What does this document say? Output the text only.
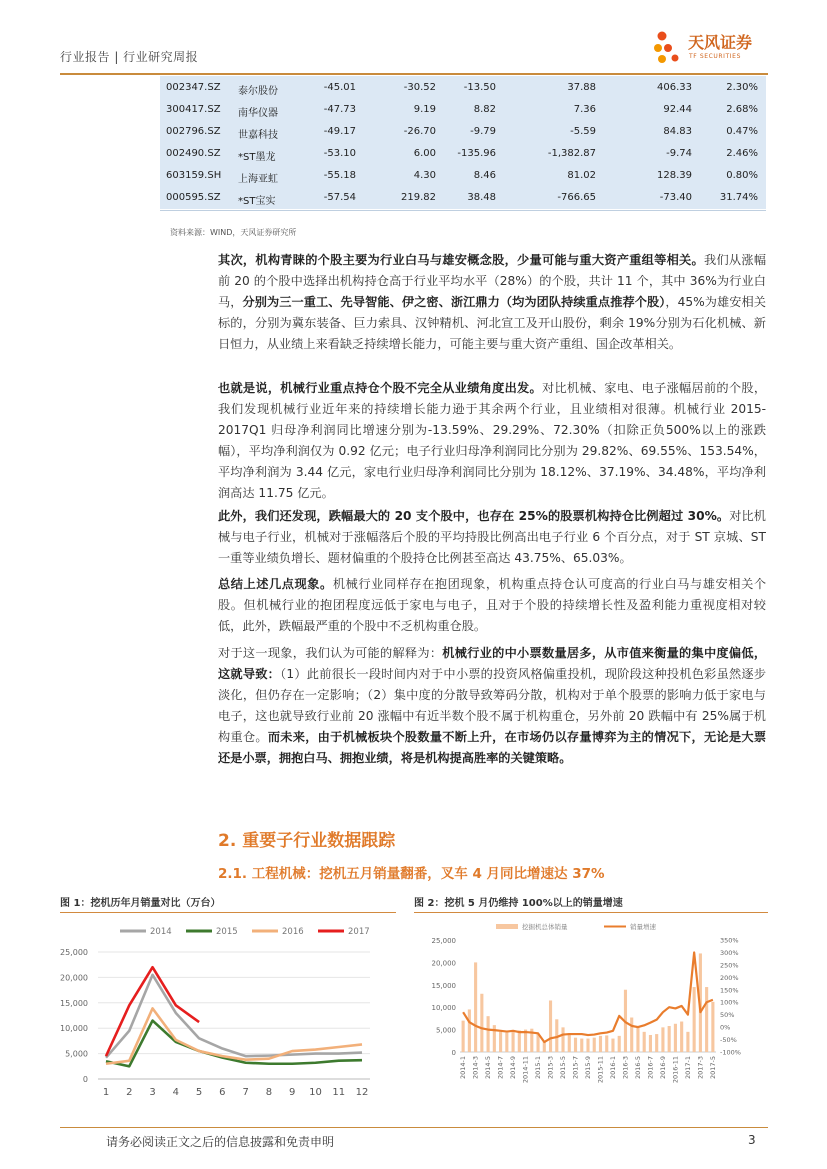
行业报告 | 行业研究周报
天风证券
TF SECURITIES
002347.SZ 泰尔股份	-45.01	-30.52	-13.50	37.88	406.33	2.30%
300417.SZ 南华仪器	-47.73	9.19	8.82	7.36	92.44	2.68%
002796.SZ 世嘉科技	-49.17	-26.70	-9.79	-5.59	84.83	0.47%
002490.SZ *ST墨龙	-53.10	6.00	-135.96	-1,382.87	-9.74	2.46%
603159.SH 上海亚虹	-55.18	4.30	8.46	81.02	128.39	0.80%
000595.SZ *ST宝实	-57.54	219.82	38.48	-766.65	-73.40	31.74%
资料来源：WIND，天风证券研究所
其次，机构青睐的个股主要为行业白马与雄安概念股，少量可能与重大资产重组等相关。我们从涨幅前 20 的个股中选择出机构持仓高于行业平均水平（28%）的个股，共计 11 个，其中 36%为行业白马，分别为三一重工、先导智能、伊之密、浙江鼎力（均为团队持续重点推荐个股），45%为雄安相关标的，分别为冀东装备、巨力索具、汉钟精机、河北宣工及开山股份，剩余 19%分别为石化机械、新日恒力，从业绩上来看缺乏持续增长能力，可能主要与重大资产重组、国企改革相关。
也就是说，机械行业重点持仓个股不完全从业绩角度出发。对比机械、家电、电子涨幅居前的个股，我们发现机械行业近年来的持续增长能力逊于其余两个行业，且业绩相对很薄。机械行业 2015-2017Q1 归母净利润同比增速分别为-13.59%、29.29%、72.30%（扣除正负500%以上的涨跌幅），平均净利润仅为 0.92 亿元；电子行业归母净利润同比分别为 29.82%、69.55%、153.54%，平均净利润为 3.44 亿元，家电行业归母净利润同比分别为 18.12%、37.19%、34.48%，平均净利润高达 11.75 亿元。
此外，我们还发现，跌幅最大的 20 支个股中，也存在 25%的股票机构持仓比例超过 30%。对比机械与电子行业，机械对于涨幅落后个股的平均持股比例高出电子行业 6 个百分点，对于 ST 京城、ST 一重等业绩负增长、题材偏重的个股持仓比例甚至高达 43.75%、65.03%。
总结上述几点现象。机械行业同样存在抱团现象，机构重点持仓认可度高的行业白马与雄安相关个股。但机械行业的抱团程度远低于家电与电子，且对于个股的持续增长性及盈利能力重视度相对较低，此外，跌幅最严重的个股中不乏机构重仓股。
对于这一现象，我们认为可能的解释为：机械行业的中小票数量居多，从市值来衡量的集中度偏低，这就导致：（1）此前很长一段时间内对于中小票的投资风格偏重投机，现阶段这种投机色彩虽然逐步淡化，但仍存在一定影响；（2）集中度的分散导致筹码分散，机构对于单个股票的影响力低于家电与电子，这也就导致行业前 20 涨幅中有近半数个股不属于机构重仓，另外前 20 跌幅中有 25%属于机构重仓。而未来，由于机械板块个股数量不断上升，在市场仍以存量博弈为主的情况下，无论是大票还是小票，拥抱白马、拥抱业绩，将是机构提高胜率的关键策略。
2. 重要子行业数据跟踪
2.1. 工程机械：挖机五月销量翻番，叉车 4 月同比增速达 37%
图 1：挖机历年月销量对比（万台）
2014	2015	2016	2017
0
5,000
10,000
15,000
20,000
25,000
1 2 3 4 5 6 7 8 9 10 11 12
图 2：挖机 5 月仍维持 100%以上的销量增速
挖掘机总体销量	销量增速
0
5,000
10,000
15,000
20,000
25,000
-100%
-50%
0%
50%
100%
150%
200%
250%
300%
350%
2014-1 2014-3 2014-5 2014-7 2014-9 2014-11 2015-1 2015-3 2015-5 2015-7 2015-9 2015-11 2016-1 2016-3 2016-5 2016-7 2016-9 2016-11 2017-1 2017-3 2017-5
请务必阅读正文之后的信息披露和免责申明	3
